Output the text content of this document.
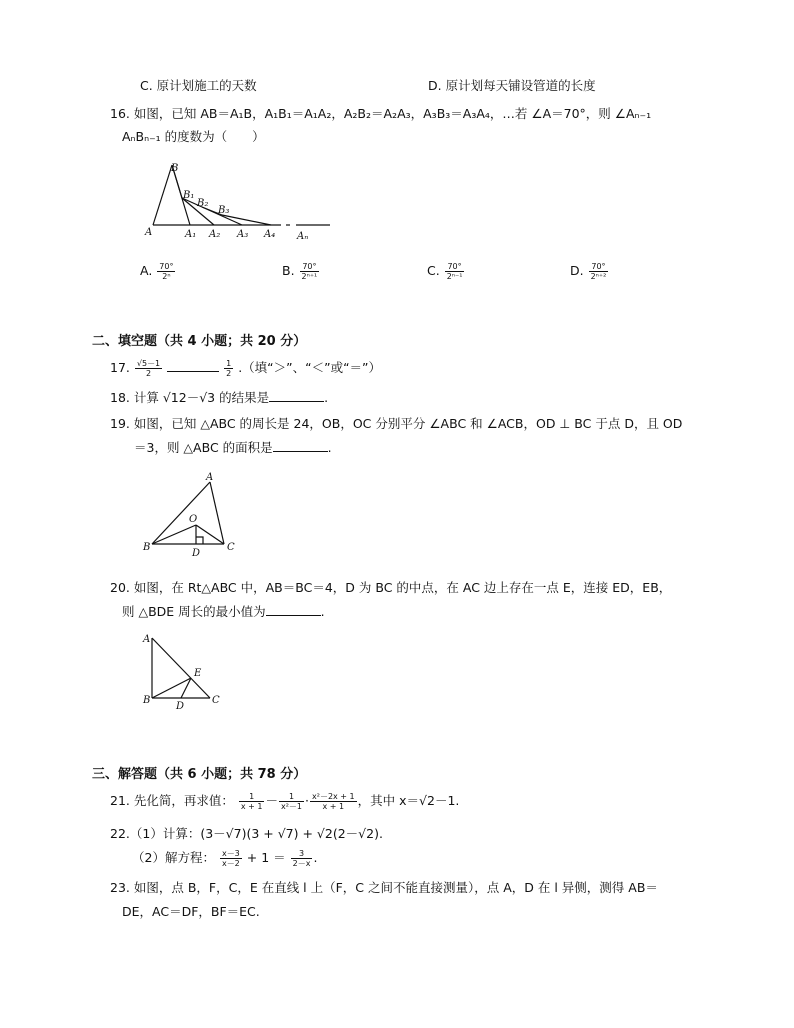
C. 原计划施工的天数	D. 原计划每天铺设管道的长度
16. 如图，已知 AB＝A₁B，A₁B₁＝A₁A₂，A₂B₂＝A₂A₃，A₃B₃＝A₃A₄，…若 ∠A＝70°，则 ∠Aₙ₋₁
AₙBₙ₋₁ 的度数为（　　）
B
B₁
B₂
B₃
A	A₁ A₂ A₃ A₄ Aₙ
A. $\frac{70^\circ}{\text{2ⁿ}}$	B. $\frac{70^\circ}{\text{2ⁿ⁺¹}}$	C. $\frac{70^\circ}{\text{2ⁿ⁻¹}}$	D. $\frac{70^\circ}{\text{2ⁿ⁺²}}$
二、填空题（共 4 小题；共 20 分）
17. $\frac{√5-1}{2}$
	$\frac{1}{2}$ .（填“＞”、“＜”或“＝”）
18. 计算 √12－√3 的结果是	.
19. 如图，已知 △ABC 的周长是 24，OB，OC 分别平分 ∠ABC 和 ∠ACB，OD ⊥ BC 于点 D，且 OD
＝3，则 △ABC 的面积是	.
A
O
B
D
C
20. 如图，在 Rt△ABC 中，AB＝BC＝4，D 为 BC 的中点，在 AC 边上存在一点 E，连接 ED，EB，
则 △BDE 周长的最小值为	.
A
E
B
D
C
三、解答题（共 6 小题；共 78 分）
21. 先化简，再求值： $\frac{1}{x + 1} - \frac{1}{\text{x²－1}} \cdot \frac{\text{x²－2x + 1}}{x + 1}$ ，其中 x＝√2－1.
22.（1）计算：(3－√7)(3 + √7) + √2(2－√2).
（2）解方程： $\frac{x-3}{x-2} + 1 = \frac{3}{2-x}$ .
23. 如图，点 B，F，C，E 在直线 l 上（F，C 之间不能直接测量），点 A，D 在 l 异侧，测得 AB＝
DE，AC＝DF，BF＝EC.
